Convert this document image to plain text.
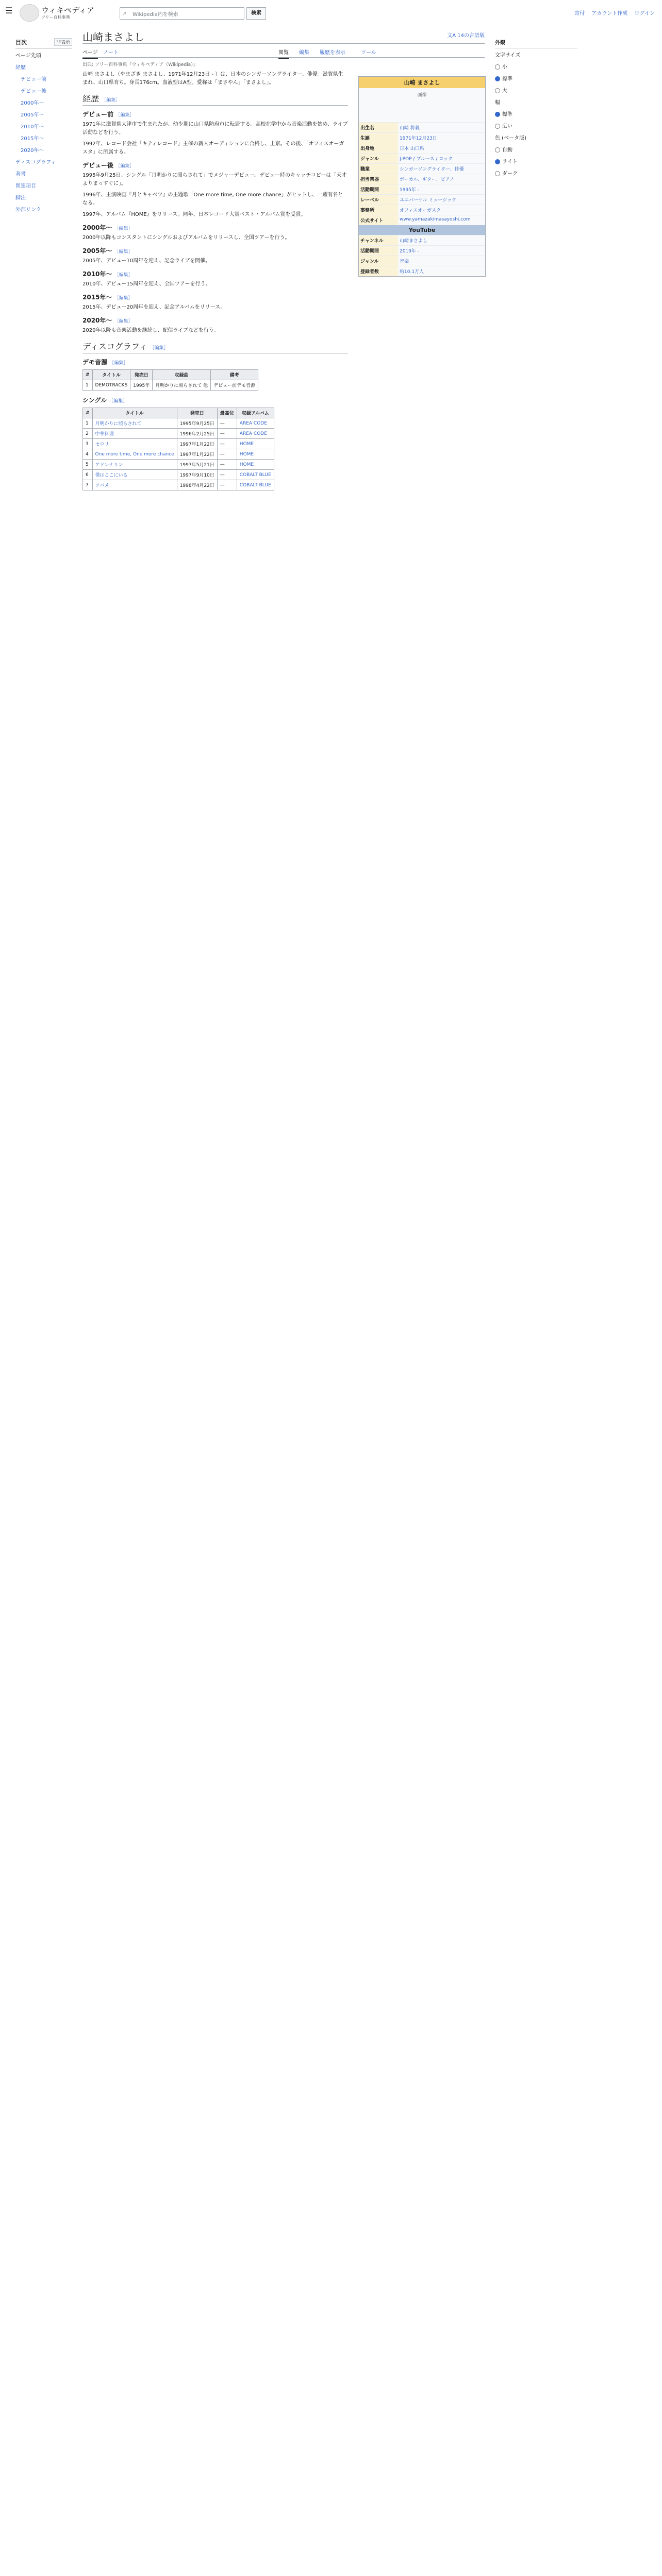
☰	ウィキペディア
フリー百科事典
⌕ Wikipedia内を検索	検索	寄付 アカウント作成 ログイン
目次	非表示
ページ先頭
経歴
デビュー前
デビュー後
2000年〜
2005年〜
2010年〜
2015年〜
2020年〜
ディスコグラフィ
著書
関連項目
脚注
外部リンク
山崎まさよし	文A 14の言語版
ページ ノート	閲覧 編集 履歴を表示	ツール
出典: フリー百科事典『ウィキペディア（Wikipedia）』

山崎 まさよし（やまざき まさよし、1971年12月23日 - ）は、日本のシンガーソングライター、俳優。滋賀県生まれ、山口県育ち。身長176cm。血液型はA型。愛称は「まさやん」「まさよし」。

経歴 ［編集］
デビュー前 ［編集］

1971年に滋賀県大津市で生まれたが、幼少期に山口県防府市に転居する。高校在学中から音楽活動を始め、ライブ活動などを行う。

1992年、レコード会社「キティレコード」主催の新人オーディションに合格し、上京。その後、「オフィスオーガスタ」に所属する。

デビュー後 ［編集］

1995年9月25日、シングル「月明かりに照らされて」でメジャーデビュー。デビュー時のキャッチコピーは「天才よりまっすぐに」。

1996年、主演映画『月とキャベツ』の主題歌「One more time, One more chance」がヒットし、一躍有名となる。

1997年、アルバム『HOME』をリリース。同年、日本レコード大賞ベスト・アルバム賞を受賞。

2000年〜 ［編集］

2000年以降もコンスタントにシングルおよびアルバムをリリースし、全国ツアーを行う。

2005年〜 ［編集］

2005年、デビュー10周年を迎え、記念ライブを開催。

2010年〜 ［編集］

2010年、デビュー15周年を迎え、全国ツアーを行う。

2015年〜 ［編集］

2015年、デビュー20周年を迎え、記念アルバムをリリース。

2020年〜 ［編集］

2020年以降も音楽活動を継続し、配信ライブなどを行う。

ディスコグラフィ ［編集］
デモ音源 ［編集］
#	タイトル	発売日	収録曲	備考
1	DEMOTRACKS	1995年	月明かりに照らされて 他	デビュー前デモ音源
シングル ［編集］
#	タイトル	発売日	最高位	収録アルバム
1	月明かりに照らされて	1995年9月25日	—	AREA CODE
2	中華料理	1996年2月25日	—	AREA CODE
3	セロリ	1997年1月22日	—	HOME
4	One more time, One more chance	1997年1月22日	—	HOME
5	アドレナリン	1997年5月21日	—	HOME
6	僕はここにいる	1997年9月10日	—	COBALT BLUE
7	ツバメ	1998年4月22日	—	COBALT BLUE
山崎 まさよし
画像
出生名	山崎 将義
生誕	1971年12月23日
出身地	日本 山口県
ジャンル	J-POP / ブルース / ロック
職業	シンガーソングライター、俳優
担当楽器	ボーカル、ギター、ピアノ
活動期間	1995年 -
レーベル	ユニバーサル ミュージック
事務所	オフィスオーガスタ
公式サイト	www.yamazakimasayoshi.com
YouTube
チャンネル	山崎まさよし
活動期間	2019年 -
ジャンル	音楽
登録者数	約10.1万人
外観
文字サイズ
小
標準
大
幅
標準
広い
色 (ベータ版)
自動
ライト
ダーク
